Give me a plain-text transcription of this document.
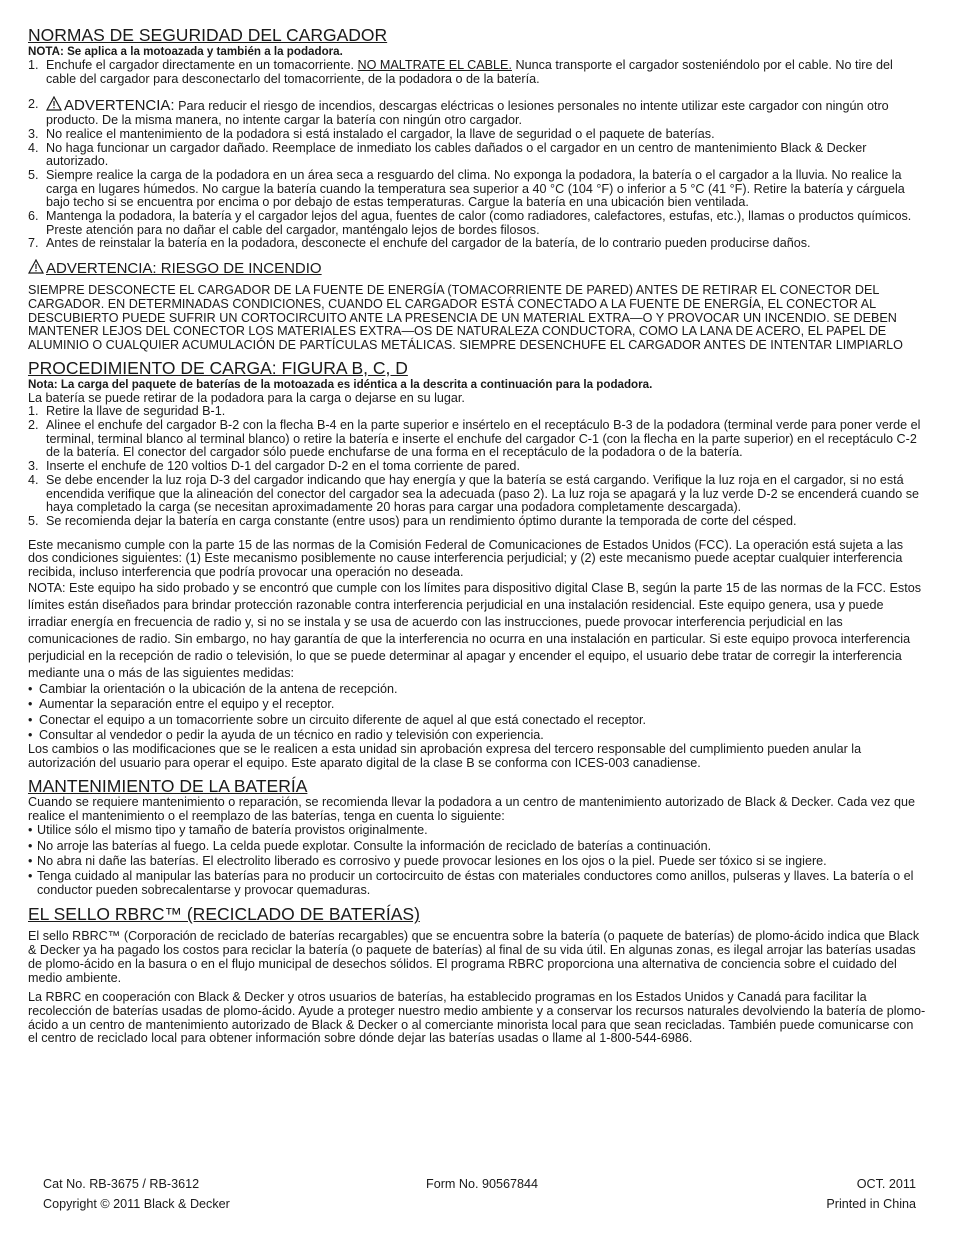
NORMAS DE SEGURIDAD DEL CARGADOR
NOTA: Se aplica a la motoazada y también a la podadora.
1. Enchufe el cargador directamente en un tomacorriente. NO MALTRATE EL CABLE. Nunca transporte el cargador sosteniéndolo por el cable. No tire del cable del cargador para desconectarlo del tomacorriente, de la podadora o de la batería.
2. ADVERTENCIA: Para reducir el riesgo de incendios, descargas eléctricas o lesiones personales no intente utilizar este cargador con ningún otro producto. De la misma manera, no intente cargar la batería con ningún otro cargador.
3. No realice el mantenimiento de la podadora si está instalado el cargador, la llave de seguridad o el paquete de baterías.
4. No haga funcionar un cargador dañado. Reemplace de inmediato los cables dañados o el cargador en un centro de mantenimiento Black & Decker autorizado.
5. Siempre realice la carga de la podadora en un área seca a resguardo del clima. No exponga la podadora, la batería o el cargador a la lluvia. No realice la carga en lugares húmedos. No cargue la batería cuando la temperatura sea superior a 40 °C (104 °F) o inferior a 5 °C (41 °F). Retire la batería y cárguela bajo techo si se encuentra por encima o por debajo de estas temperaturas. Cargue la batería en una ubicación bien ventilada.
6. Mantenga la podadora, la batería y el cargador lejos del agua, fuentes de calor (como radiadores, calefactores, estufas, etc.), llamas o productos químicos. Preste atención para no dañar el cable del cargador, manténgalo lejos de bordes filosos.
7. Antes de reinstalar la batería en la podadora, desconecte el enchufe del cargador de la batería, de lo contrario pueden producirse daños.
ADVERTENCIA: RIESGO DE INCENDIO
SIEMPRE DESCONECTE EL CARGADOR DE LA FUENTE DE ENERGÍA (TOMACORRIENTE DE PARED) ANTES DE RETIRAR EL CONECTOR DEL CARGADOR. EN DETERMINADAS CONDICIONES, CUANDO EL CARGADOR ESTÁ CONECTADO A LA FUENTE DE ENERGÍA, EL CONECTOR AL DESCUBIERTO PUEDE SUFRIR UN CORTOCIRCUITO ANTE LA PRESENCIA DE UN MATERIAL EXTRA—O Y PROVOCAR UN INCENDIO. SE DEBEN MANTENER LEJOS DEL CONECTOR LOS MATERIALES EXTRA—OS DE NATURALEZA CONDUCTORA, COMO LA LANA DE ACERO, EL PAPEL DE ALUMINIO O CUALQUIER ACUMULACIÓN DE PARTÍCULAS METÁLICAS. SIEMPRE DESENCHUFE EL CARGADOR ANTES DE INTENTAR LIMPIARLO
PROCEDIMIENTO DE CARGA: FIGURA B, C, D
Nota: La carga del paquete de baterías de la motoazada es idéntica a la descrita a continuación para la podadora.
La batería se puede retirar de la podadora para la carga o dejarse en su lugar.
1. Retire la llave de seguridad B-1.
2. Alinee el enchufe del cargador B-2 con la flecha B-4 en la parte superior e insértelo en el receptáculo B-3 de la podadora (terminal verde para poner verde el terminal, terminal blanco al terminal blanco) o retire la batería e inserte el enchufe del cargador C-1 (con la flecha en la parte superior) en el receptáculo C-2 de la batería. El conector del cargador sólo puede enchufarse de una forma en el receptáculo de la podadora o de la batería.
3. Inserte el enchufe de 120 voltios D-1 del cargador D-2 en el toma corriente de pared.
4. Se debe encender la luz roja D-3 del cargador indicando que hay energía y que la batería se está cargando. Verifique la luz roja en el cargador, si no está encendida verifique que la alineación del conector del cargador sea la adecuada (paso 2). La luz roja se apagará y la luz verde D-2 se encenderá cuando se haya completado la carga (se necesitan aproximadamente 20 horas para cargar una podadora completamente descargada).
5. Se recomienda dejar la batería en carga constante (entre usos) para un rendimiento óptimo durante la temporada de corte del césped.
Este mecanismo cumple con la parte 15 de las normas de la Comisión Federal de Comunicaciones de Estados Unidos (FCC). La operación está sujeta a las dos condiciones siguientes: (1) Este mecanismo posiblemente no cause interferencia perjudicial; y (2) este mecanismo puede aceptar cualquier interferencia recibida, incluso interferencia que podría provocar una operación no deseada.
NOTA: Este equipo ha sido probado y se encontró que cumple con los límites para dispositivo digital Clase B, según la parte 15 de las normas de la FCC. Estos límites están diseñados para brindar protección razonable contra interferencia perjudicial en una instalación residencial. Este equipo genera, usa y puede irradiar energía en frecuencia de radio y, si no se instala y se usa de acuerdo con las instrucciones, puede provocar interferencia perjudicial en las comunicaciones de radio. Sin embargo, no hay garantía de que la interferencia no ocurra en una instalación en particular. Si este equipo provoca interferencia perjudicial en la recepción de radio o televisión, lo que se puede determinar al apagar y encender el equipo, el usuario debe tratar de corregir la interferencia mediante una o más de las siguientes medidas:
• Cambiar la orientación o la ubicación de la antena de recepción.
• Aumentar la separación entre el equipo y el receptor.
• Conectar el equipo a un tomacorriente sobre un circuito diferente de aquel al que está conectado el receptor.
• Consultar al vendedor o pedir la ayuda de un técnico en radio y televisión con experiencia.
Los cambios o las modificaciones que se le realicen a esta unidad sin aprobación expresa del tercero responsable del cumplimiento pueden anular la autorización del usuario para operar el equipo. Este aparato digital de la clase B se conforma con ICES-003 canadiense.
MANTENIMIENTO DE LA BATERÍA
Cuando se requiere mantenimiento o reparación, se recomienda llevar la podadora a un centro de mantenimiento autorizado de Black & Decker. Cada vez que realice el mantenimiento o el reemplazo de las baterías, tenga en cuenta lo siguiente:
• Utilice sólo el mismo tipo y tamaño de batería provistos originalmente.
• No arroje las baterías al fuego. La celda puede explotar. Consulte la información de reciclado de baterías a continuación.
• No abra ni dañe las baterías. El electrolito liberado es corrosivo y puede provocar lesiones en los ojos o la piel. Puede ser tóxico si se ingiere.
• Tenga cuidado al manipular las baterías para no producir un cortocircuito de éstas con materiales conductores como anillos, pulseras y llaves. La batería o el conductor pueden sobrecalentarse y provocar quemaduras.
EL SELLO RBRC™ (RECICLADO DE BATERÍAS)
El sello RBRC™ (Corporación de reciclado de baterías recargables) que se encuentra sobre la batería (o paquete de baterías) de plomo-ácido indica que Black & Decker ya ha pagado los costos para reciclar la batería (o paquete de baterías) al final de su vida útil. En algunas zonas, es ilegal arrojar las baterías usadas de plomo-ácido en la basura o en el flujo municipal de desechos sólidos. El programa RBRC proporciona una alternativa de conciencia sobre el cuidado del medio ambiente.
La RBRC en cooperación con Black & Decker y otros usuarios de baterías, ha establecido programas en los Estados Unidos y Canadá para facilitar la recolección de baterías usadas de plomo-ácido. Ayude a proteger nuestro medio ambiente y a conservar los recursos naturales devolviendo la batería de plomo-ácido a un centro de mantenimiento autorizado de Black & Decker o al comerciante minorista local para que sean recicladas. También puede comunicarse con el centro de reciclado local para obtener información sobre dónde dejar las baterías usadas o llame al 1-800-544-6986.
Cat No. RB-3675 / RB-3612
Copyright © 2011 Black & Decker
Form No. 90567844	OCT. 2011
Printed in China
